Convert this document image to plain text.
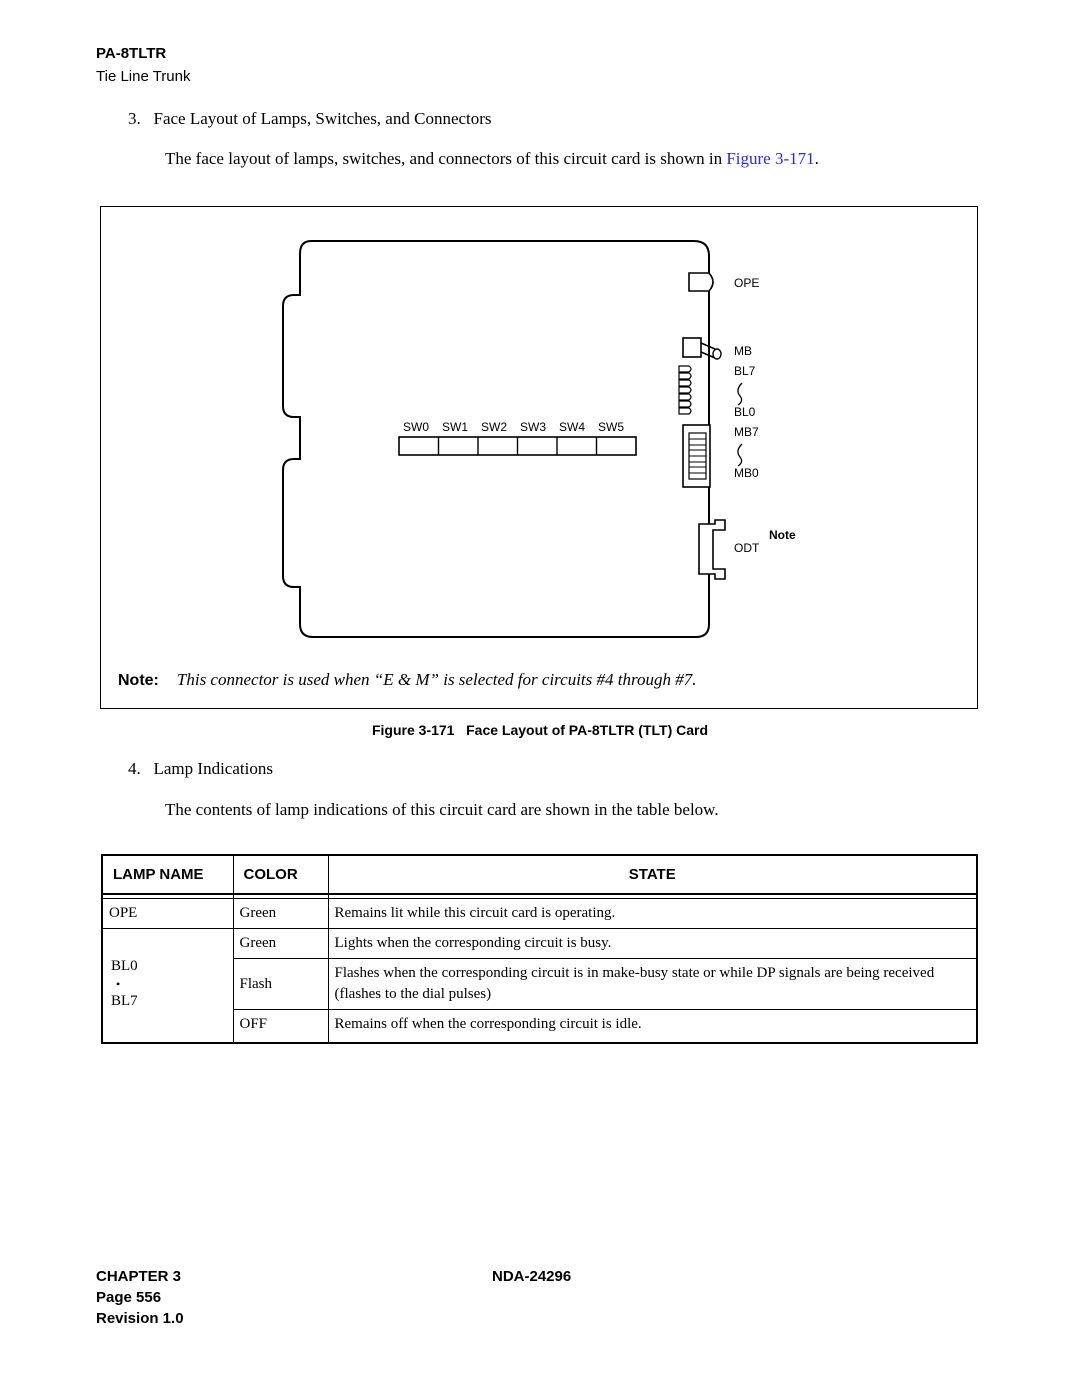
PA-8TLTR
Tie Line Trunk
3.   Face Layout of Lamps, Switches, and Connectors
The face layout of lamps, switches, and connectors of this circuit card is shown in Figure 3-171.
OPE
MB
BL7
BL0
MB7
MB0
Note
ODT
SW0 SW1 SW2 SW3 SW4 SW5
Note: This connector is used when “E & M” is selected for circuits #4 through #7.
Figure 3-171   Face Layout of PA-8TLTR (TLT) Card
4.   Lamp Indications
The contents of lamp indications of this circuit card are shown in the table below.
LAMP NAME	COLOR	STATE

OPE	Green	Remains lit while this circuit card is operating.

BL0
•
BL7	Green	Lights when the corresponding circuit is busy.
	Flash	Flashes when the corresponding circuit is in make-busy state or while DP signals are being received (flashes to the dial pulses)
	OFF	Remains off when the corresponding circuit is idle.

CHAPTER 3	NDA-24296
Page 556
Revision 1.0
